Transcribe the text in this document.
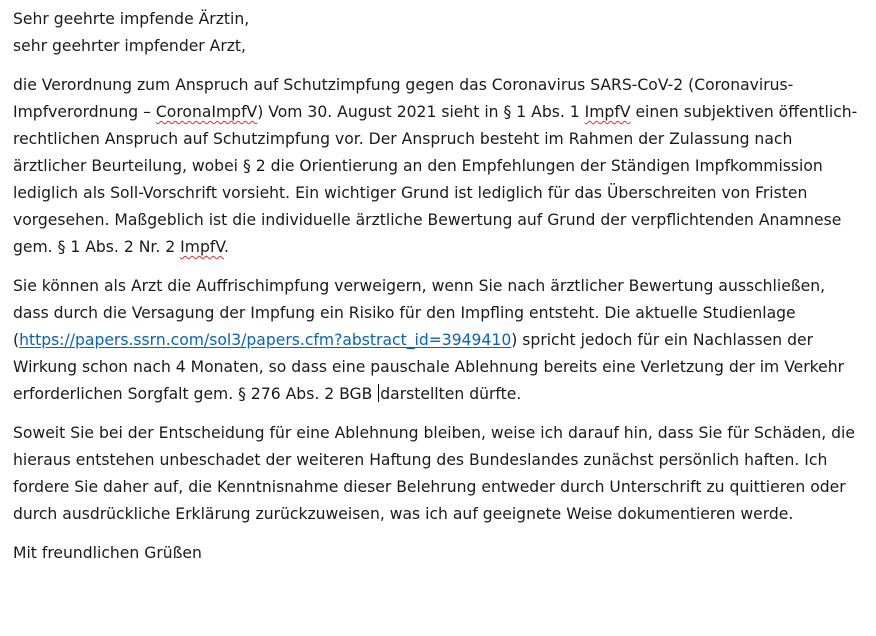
Sehr geehrte impfende Ärztin,
sehr geehrter impfender Arzt,

die Verordnung zum Anspruch auf Schutzimpfung gegen das Coronavirus SARS-CoV-2 (Coronavirus-
Impfverordnung – CoronaImpfV) Vom 30. August 2021 sieht in § 1 Abs. 1 ImpfV einen subjektiven öffentlich-rechtlichen Anspruch auf Schutzimpfung vor. Der Anspruch besteht im Rahmen der Zulassung nach ärztlicher Beurteilung, wobei § 2 die Orientierung an den Empfehlungen der Ständigen Impfkommission lediglich als Soll-Vorschrift vorsieht. Ein wichtiger Grund ist lediglich für das Überschreiten von Fristen vorgesehen. Maßgeblich ist die individuelle ärztliche Bewertung auf Grund der verpflichtenden Anamnese gem. § 1 Abs. 2 Nr. 2 ImpfV.

Sie können als Arzt die Auffrischimpfung verweigern, wenn Sie nach ärztlicher Bewertung ausschließen, dass durch die Versagung der Impfung ein Risiko für den Impfling entsteht. Die aktuelle Studienlage (https://papers.ssrn.com/sol3/papers.cfm?abstract_id=3949410) spricht jedoch für ein Nachlassen der Wirkung schon nach 4 Monaten, so dass eine pauschale Ablehnung bereits eine Verletzung der im Verkehr erforderlichen Sorgfalt gem. § 276 Abs. 2 BGB darstellten dürfte.

Soweit Sie bei der Entscheidung für eine Ablehnung bleiben, weise ich darauf hin, dass Sie für Schäden, die hieraus entstehen unbeschadet der weiteren Haftung des Bundeslandes zunächst persönlich haften. Ich fordere Sie daher auf, die Kenntnisnahme dieser Belehrung entweder durch Unterschrift zu quittieren oder durch ausdrückliche Erklärung zurückzuweisen, was ich auf geeignete Weise dokumentieren werde.

Mit freundlichen Grüßen
